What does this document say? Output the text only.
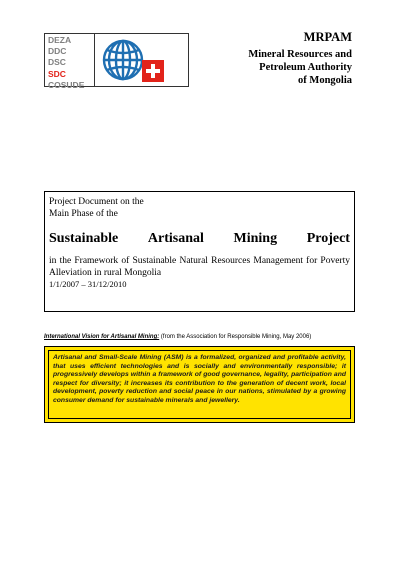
DEZA
DDC
DSC
SDC
COSUDE
MRPAM
Mineral Resources and
Petroleum Authority
of Mongolia
Project Document on the
Main Phase of the
Sustainable Artisanal Mining Project
in the Framework of Sustainable Natural Resources Management for Poverty Alleviation in rural Mongolia
1/1/2007 – 31/12/2010
International Vision for Artisanal Mining: (from the Association for Responsible Mining, May 2006)
Artisanal and Small-Scale Mining (ASM) is a formalized, organized and profitable activity, that uses efficient technologies and is socially and environmentally responsible; it progressively develops within a framework of good governance, legality, participation and respect for diversity; it increases its contribution to the generation of decent work, local development, poverty reduction and social peace in our nations, stimulated by a growing consumer demand for sustainable minerals and jewellery.
